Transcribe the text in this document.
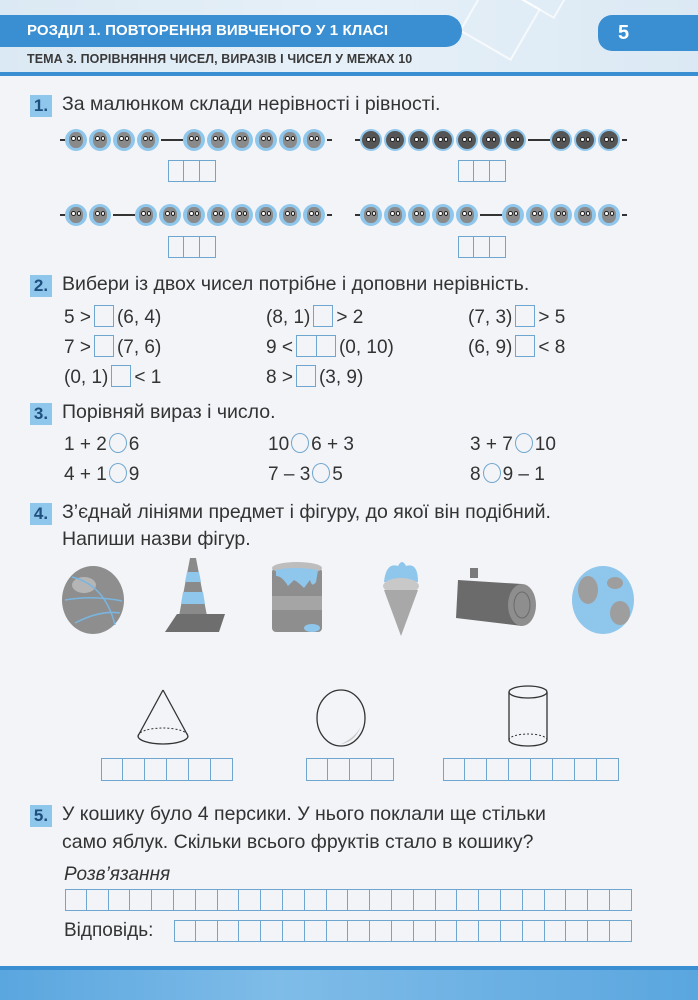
РОЗДІЛ 1. ПОВТОРЕННЯ ВИВЧЕНОГО У 1 КЛАСІ	5
ТЕМА 3. ПОРІВНЯННЯ ЧИСЕЛ, ВИРАЗІВ І ЧИСЕЛ У МЕЖАХ 10
1. За малюнком склади нерівності і рівності.
2. Вибери із двох чисел потрібне і доповни нерівність.
5 > (6, 4)	(8, 1) > 2	(7, 3) > 5
7 > (7, 6)	9 < (0, 10)	(6, 9) < 8
(0, 1) < 1	8 > (3, 9)
3. Порівняй вираз і число.
1 + 2 6	10 6 + 3	3 + 7 10
4 + 1 9	7 – 3 5	8 9 – 1
4. З’єднай лініями предмет і фігуру, до якої він подібний.
Напиши назви фігур.
5. У кошику було 4 персики. У нього поклали ще стільки
само яблук. Скільки всього фруктів стало в кошику?
Розв’язання
Відповідь:
